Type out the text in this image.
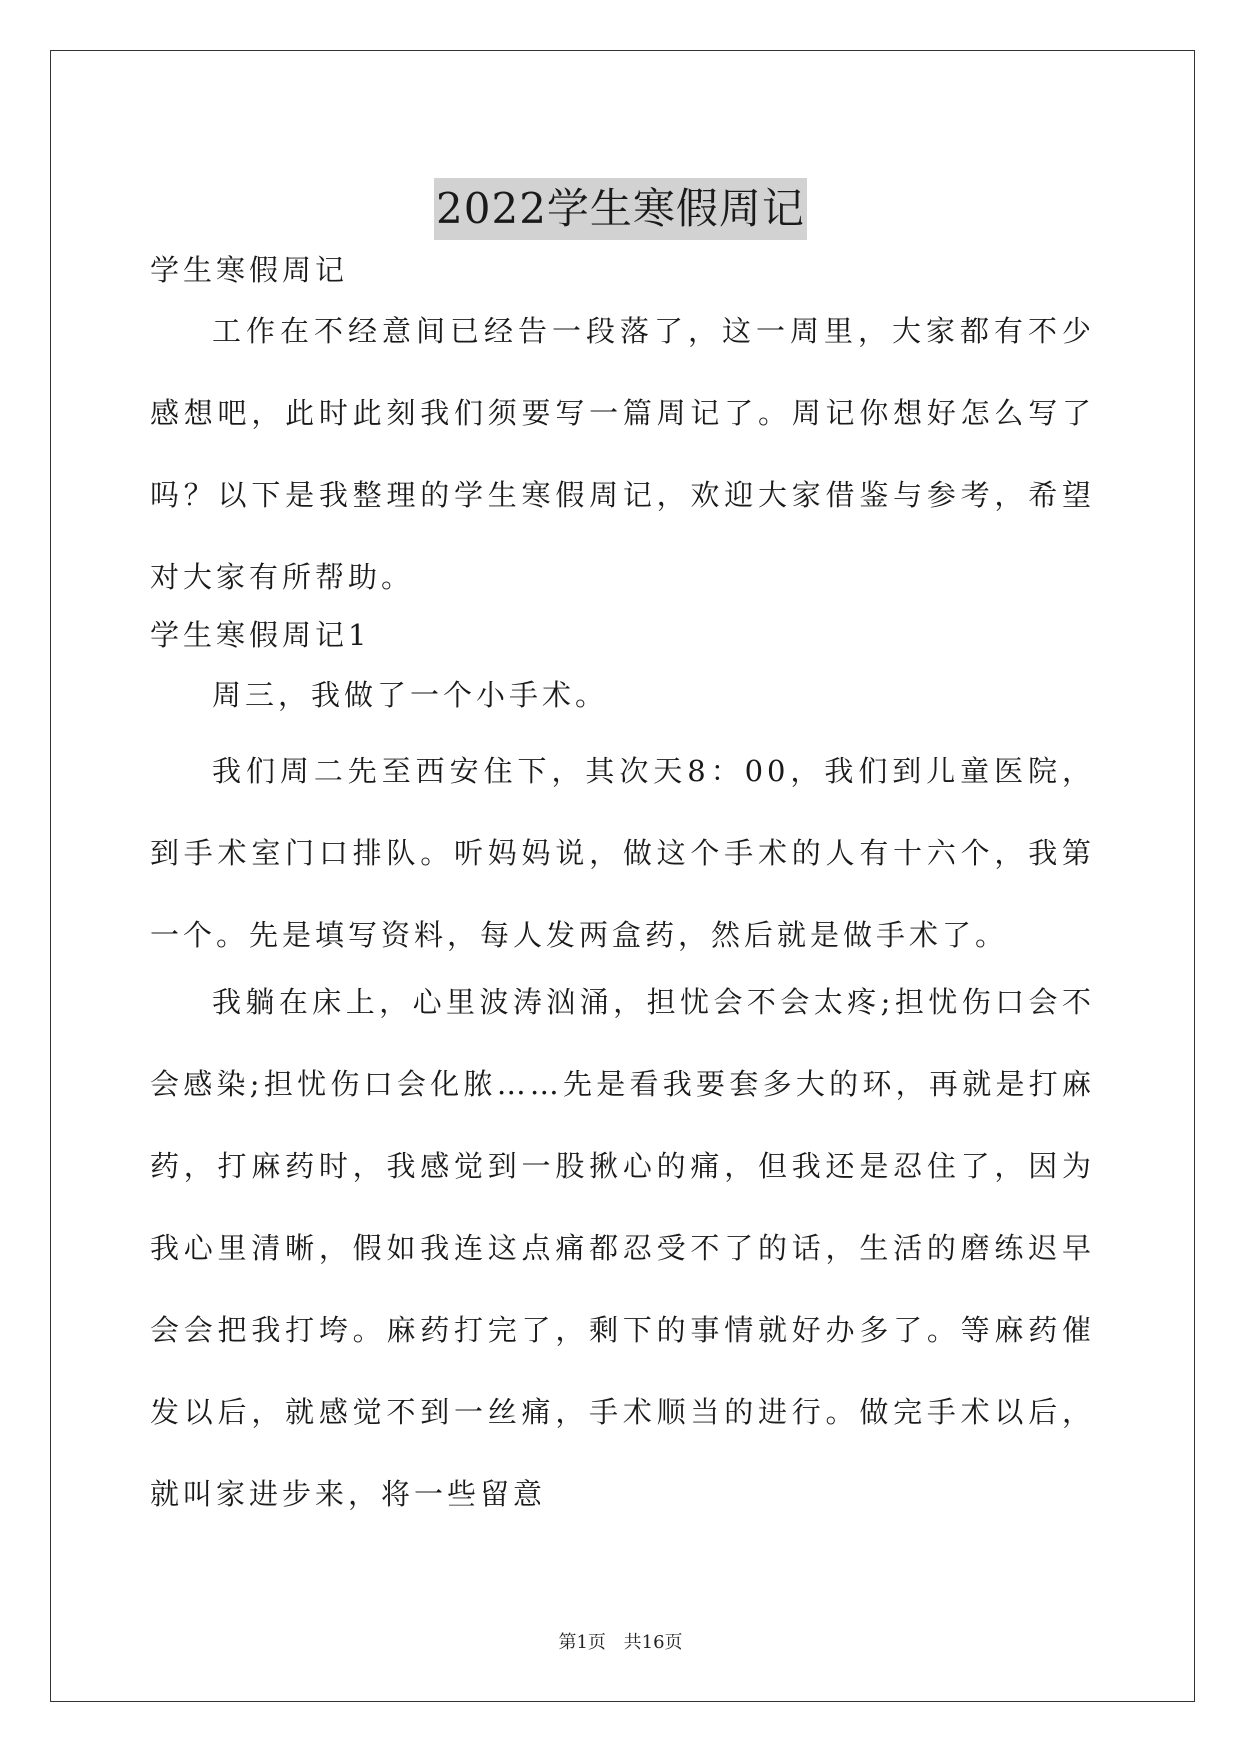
2022学生寒假周记

学生寒假周记

工作在不经意间已经告一段落了，这一周里，大家都有不少感想吧，此时此刻我们须要写一篇周记了。周记你想好怎么写了吗？以下是我整理的学生寒假周记，欢迎大家借鉴与参考，希望对大家有所帮助。

学生寒假周记1

周三，我做了一个小手术。

我们周二先至西安住下，其次天8：00，我们到儿童医院，到手术室门口排队。听妈妈说，做这个手术的人有十六个，我第一个。先是填写资料，每人发两盒药，然后就是做手术了。

我躺在床上，心里波涛汹涌，担忧会不会太疼;担忧伤口会不会感染;担忧伤口会化脓……先是看我要套多大的环，再就是打麻药，打麻药时，我感觉到一股揪心的痛，但我还是忍住了，因为我心里清晰，假如我连这点痛都忍受不了的话，生活的磨练迟早会会把我打垮。麻药打完了，剩下的事情就好办多了。等麻药催发以后，就感觉不到一丝痛，手术顺当的进行。做完手术以后，就叫家进步来，将一些留意

第1页 共16页
